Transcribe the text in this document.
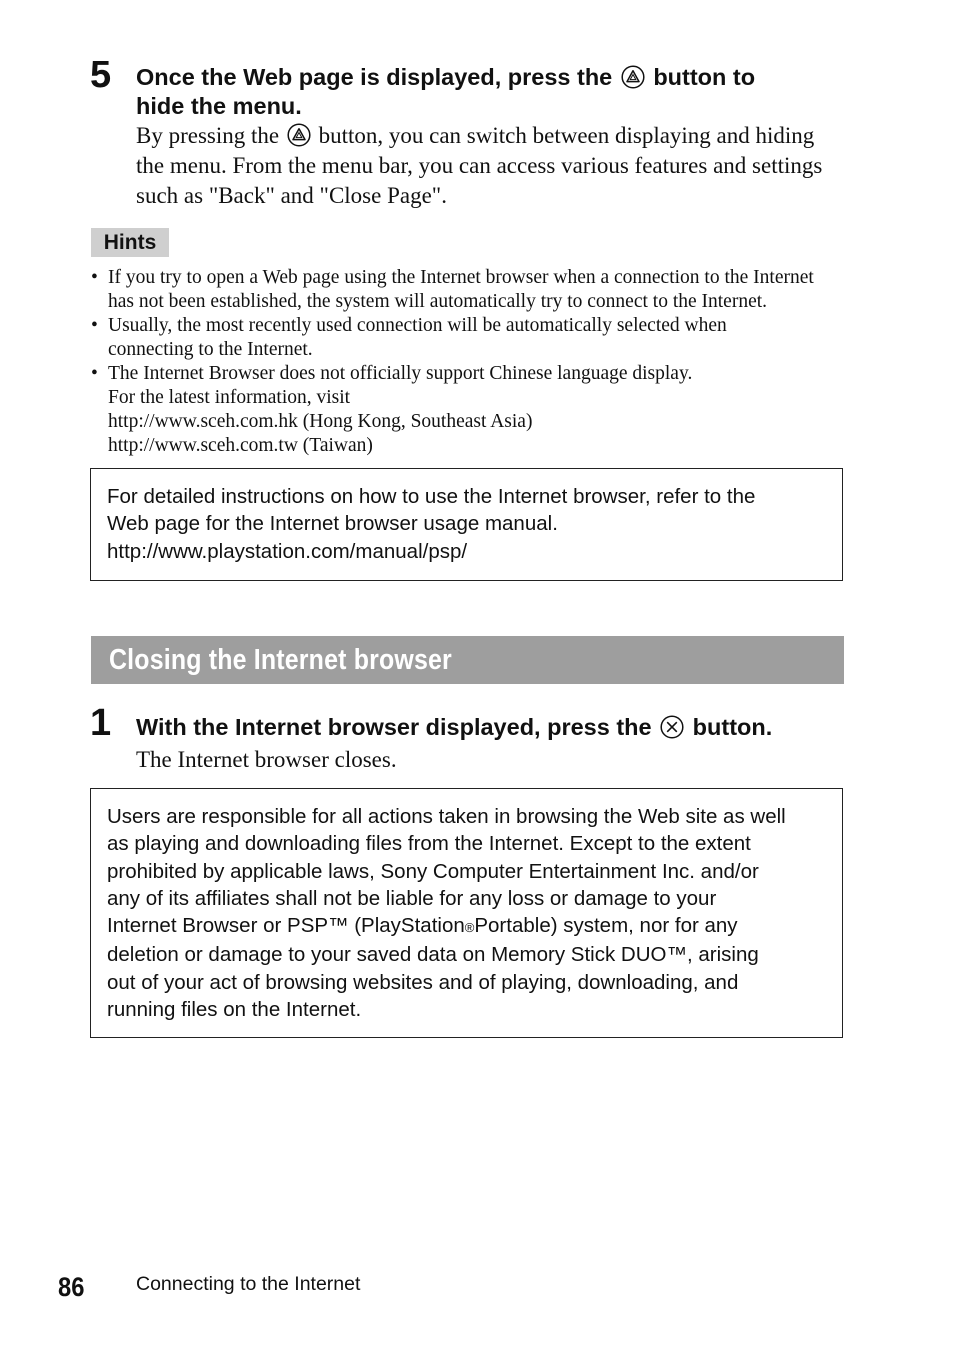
5 Once the Web page is displayed, press the button to
hide the menu.
By pressing the button, you can switch between displaying and hiding
the menu. From the menu bar, you can access various features and settings
such as "Back" and "Close Page".
Hints
• If you try to open a Web page using the Internet browser when a connection to the Internet
has not been established, the system will automatically try to connect to the Internet.
• Usually, the most recently used connection will be automatically selected when
connecting to the Internet.
• The Internet Browser does not officially support Chinese language display.
For the latest information, visit
http://www.sceh.com.hk (Hong Kong, Southeast Asia)
http://www.sceh.com.tw (Taiwan)
For detailed instructions on how to use the Internet browser, refer to the
Web page for the Internet browser usage manual.
http://www.playstation.com/manual/psp/
Closing the Internet browser
1 With the Internet browser displayed, press the button.
The Internet browser closes.
Users are responsible for all actions taken in browsing the Web site as well
as playing and downloading files from the Internet. Except to the extent
prohibited by applicable laws, Sony Computer Entertainment Inc. and/or
any of its affiliates shall not be liable for any loss or damage to your
Internet Browser or PSP™ (PlayStation®Portable) system, nor for any
deletion or damage to your saved data on Memory Stick DUO™, arising
out of your act of browsing websites and of playing, downloading, and
running files on the Internet.
86	Connecting to the Internet
